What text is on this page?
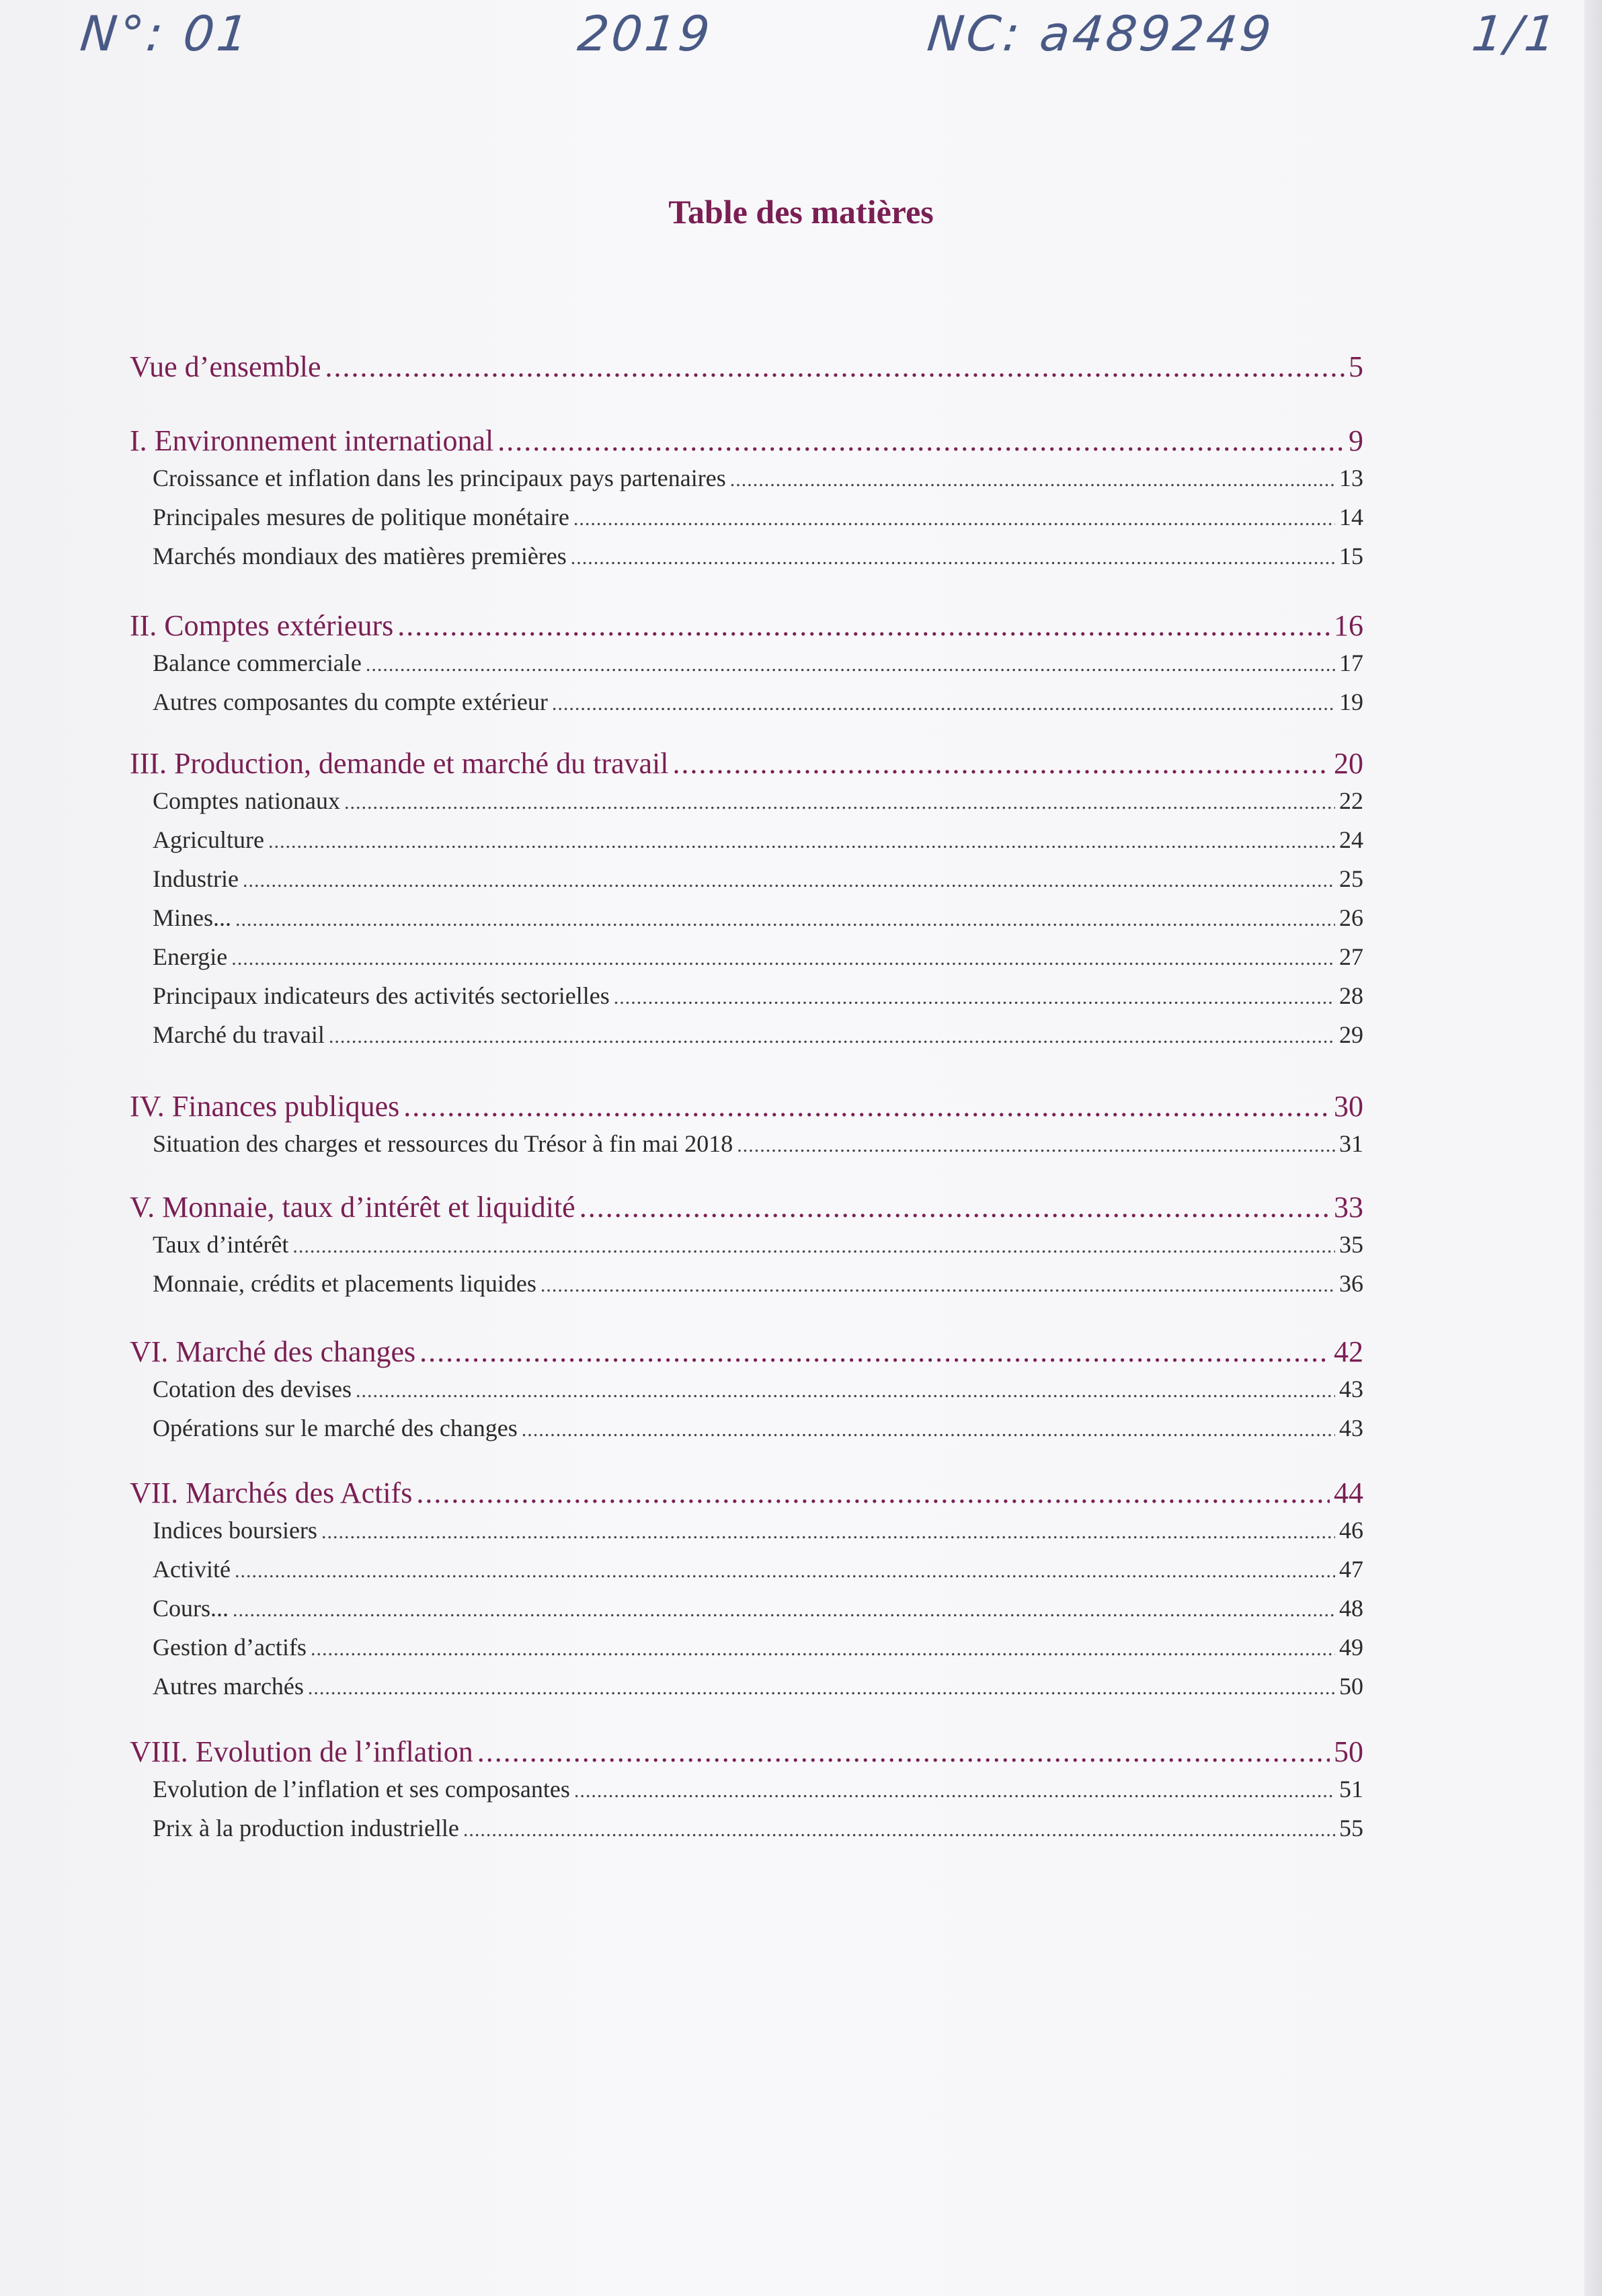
N°: 01	2019	NC: a489249	1/1
Table des matières
Vue d’ensemble .....	5
I. Environnement international .....	9
Croissance et inflation dans les principaux pays partenaires .....	13
Principales mesures de politique monétaire .....	14
Marchés mondiaux des matières premières .....	15
II. Comptes extérieurs .....	16
Balance commerciale .....	17
Autres composantes du compte extérieur .....	19
III. Production, demande et marché du travail .....	20
Comptes nationaux .....	22
Agriculture .....	24
Industrie .....	25
Mines... .....	26
Energie .....	27
Principaux indicateurs des activités sectorielles .....	28
Marché du travail .....	29
IV. Finances publiques .....	30
Situation des charges et ressources du Trésor à fin mai 2018 .....	31
V. Monnaie, taux d’intérêt et liquidité .....	33
Taux d’intérêt .....	35
Monnaie, crédits et placements liquides .....	36
VI. Marché des changes .....	42
Cotation des devises .....	43
Opérations sur le marché des changes .....	43
VII. Marchés des Actifs .....	44
Indices boursiers .....	46
Activité .....	47
Cours... .....	48
Gestion d’actifs .....	49
Autres marchés .....	50
VIII. Evolution de l’inflation .....	50
Evolution de l’inflation et ses composantes .....	51
Prix à la production industrielle .....	55
